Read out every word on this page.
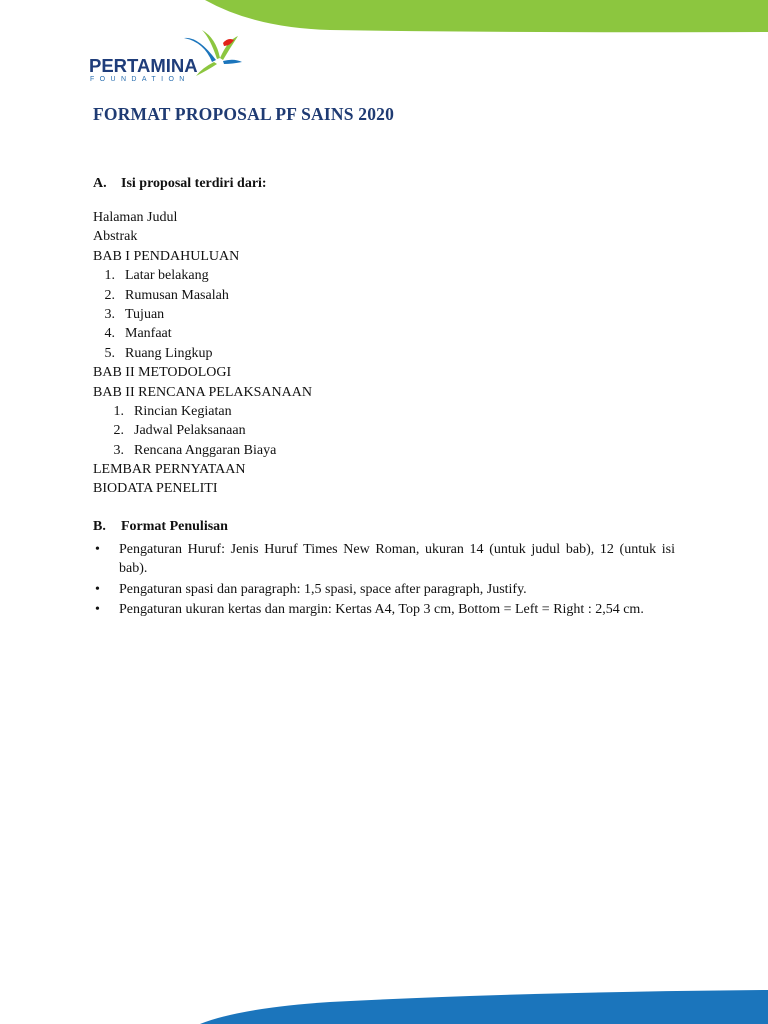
PERTAMINA
FOUNDATION
FORMAT PROPOSAL PF SAINS 2020
A. Isi proposal terdiri dari:
Halaman Judul
Abstrak
BAB I PENDAHULUAN
1. Latar belakang
2. Rumusan Masalah
3. Tujuan
4. Manfaat
5. Ruang Lingkup
BAB II METODOLOGI
BAB II RENCANA PELAKSANAAN
1. Rincian Kegiatan
2. Jadwal Pelaksanaan
3. Rencana Anggaran Biaya
LEMBAR PERNYATAAN
BIODATA PENELITI
B. Format Penulisan
• Pengaturan Huruf: Jenis Huruf Times New Roman, ukuran 14 (untuk judul bab), 12 (untuk isi bab).
• Pengaturan spasi dan paragraph: 1,5 spasi, space after paragraph, Justify.
• Pengaturan ukuran kertas dan margin: Kertas A4, Top 3 cm, Bottom = Left = Right : 2,54 cm.
